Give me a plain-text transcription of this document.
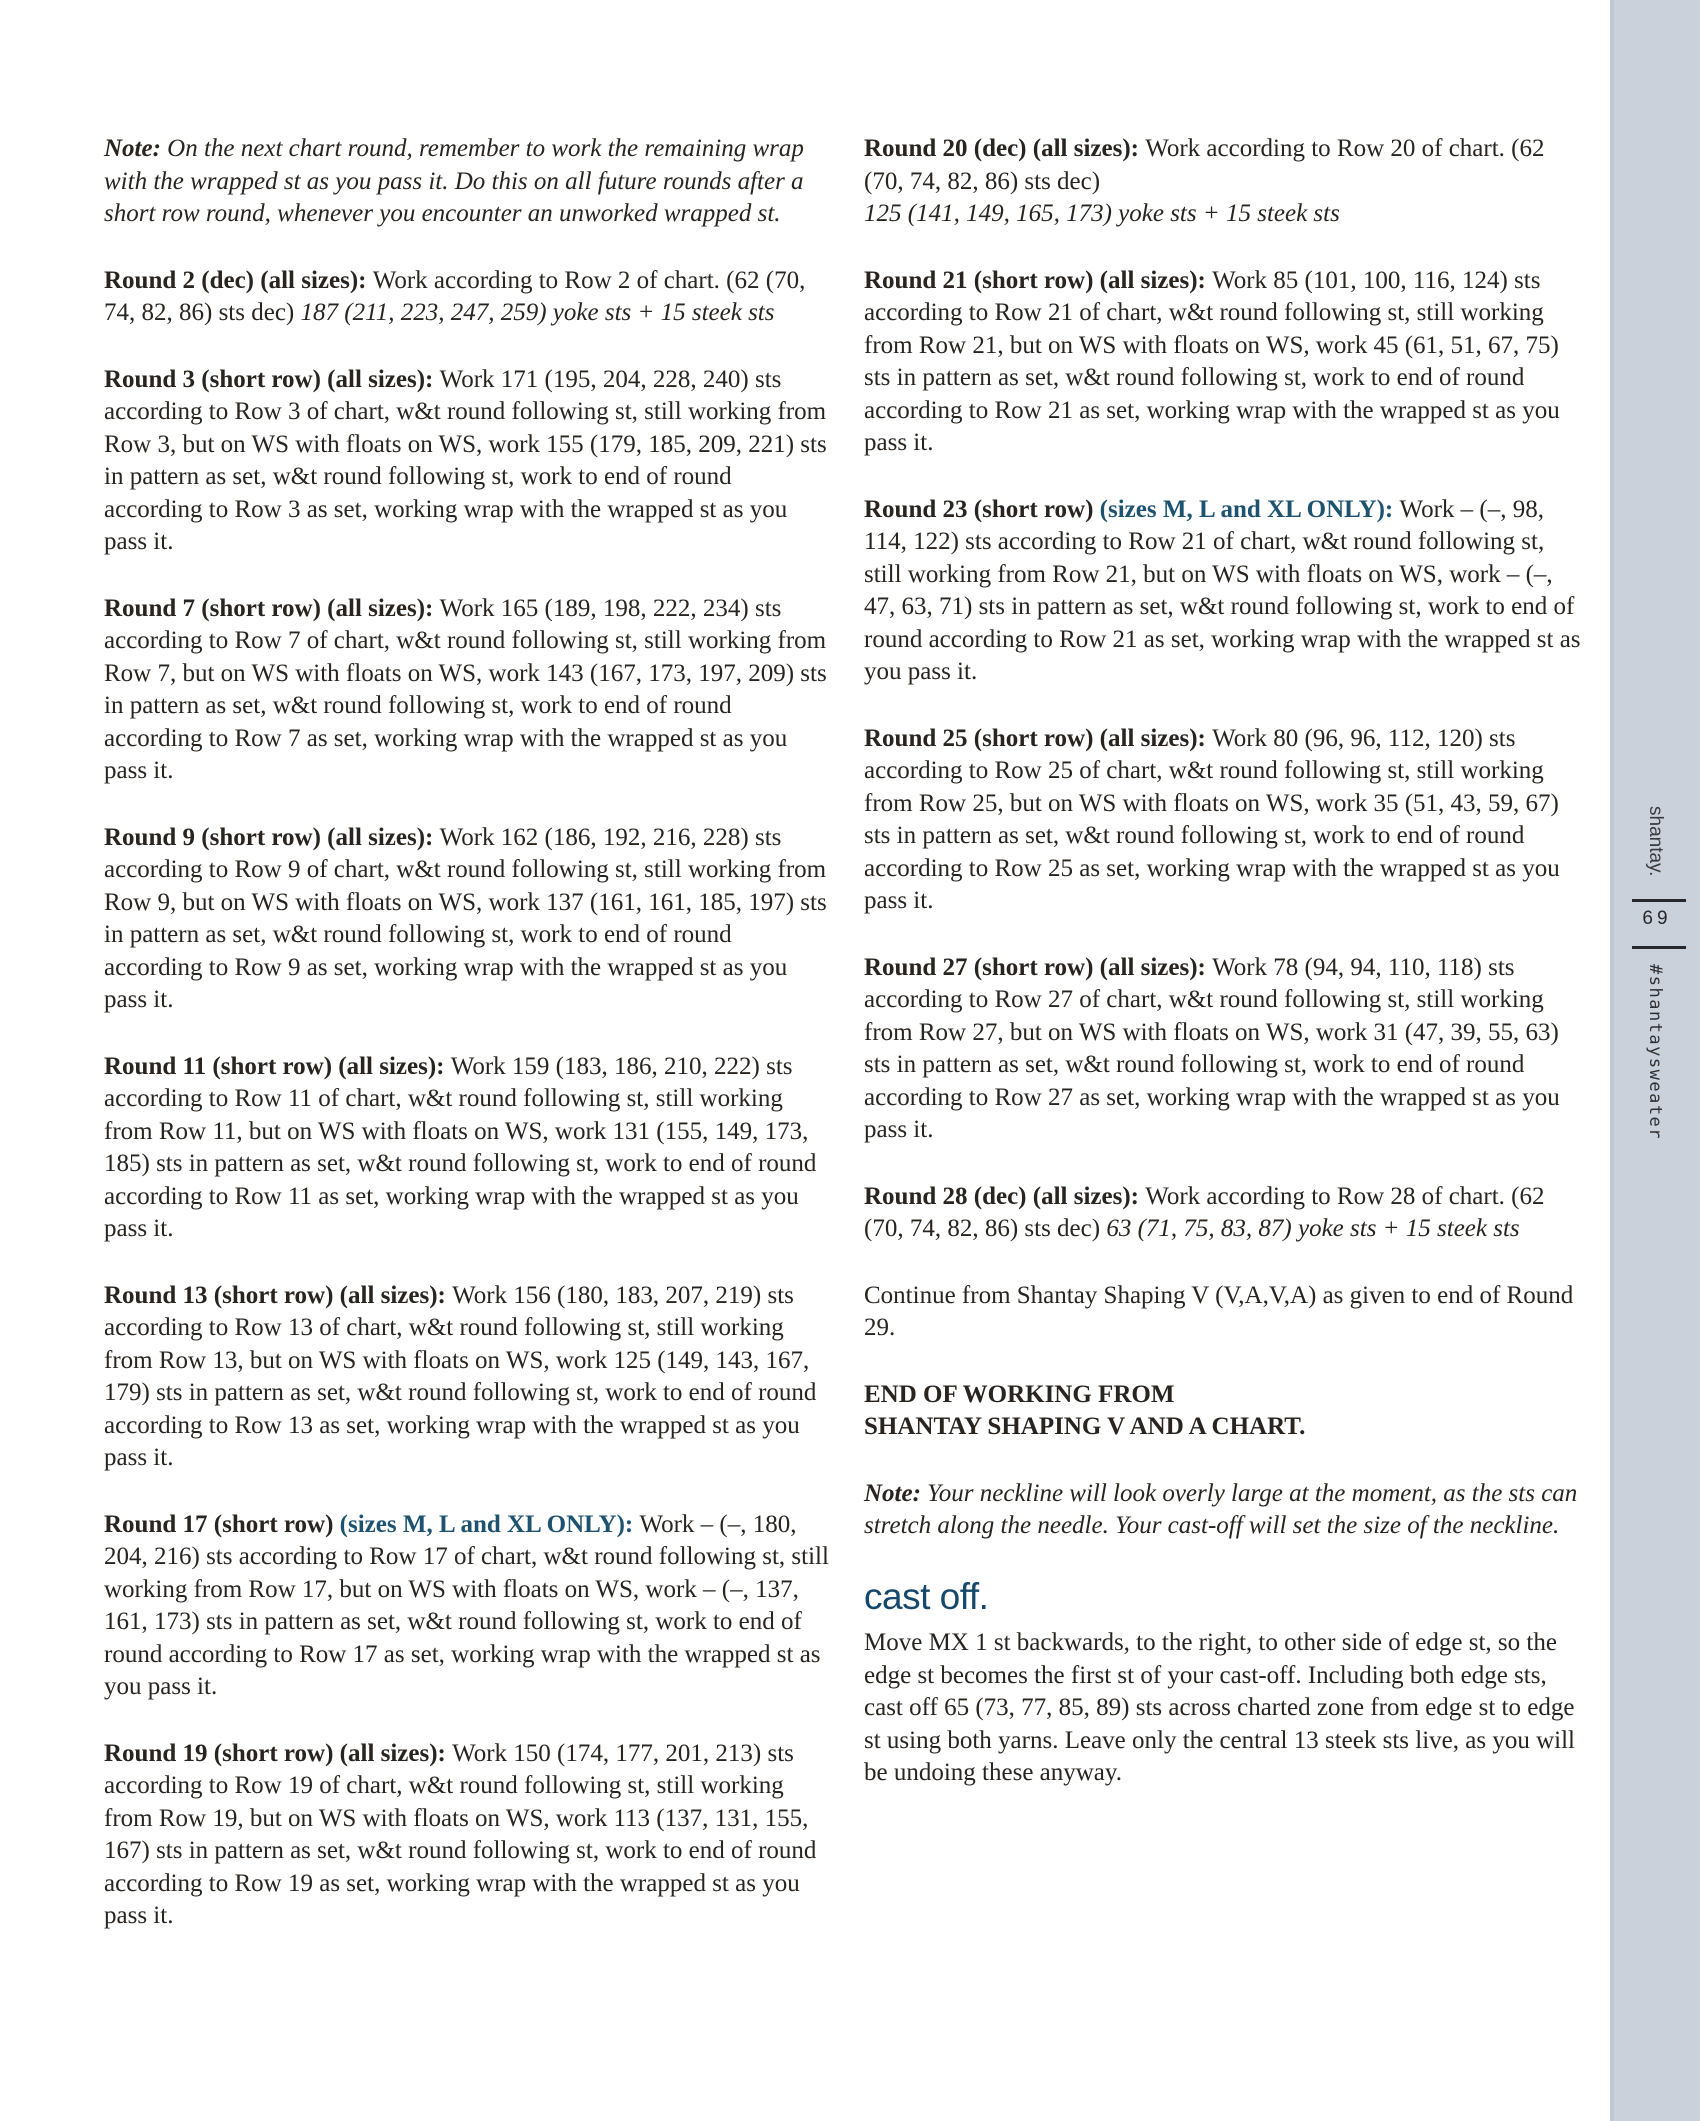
Note: On the next chart round, remember to work the remaining wrap with the wrapped st as you pass it. Do this on all future rounds after a short row round, whenever you encounter an unworked wrapped st.

Round 2 (dec) (all sizes): Work according to Row 2 of chart. (62 (70, 74, 82, 86) sts dec) 187 (211, 223, 247, 259) yoke sts + 15 steek sts

Round 3 (short row) (all sizes): Work 171 (195, 204, 228, 240) sts according to Row 3 of chart, w&t round following st, still working from Row 3, but on WS with floats on WS, work 155 (179, 185, 209, 221) sts in pattern as set, w&t round following st, work to end of round according to Row 3 as set, working wrap with the wrapped st as you pass it.

Round 7 (short row) (all sizes): Work 165 (189, 198, 222, 234) sts according to Row 7 of chart, w&t round following st, still working from Row 7, but on WS with floats on WS, work 143 (167, 173, 197, 209) sts in pattern as set, w&t round following st, work to end of round according to Row 7 as set, working wrap with the wrapped st as you pass it.

Round 9 (short row) (all sizes): Work 162 (186, 192, 216, 228) sts according to Row 9 of chart, w&t round following st, still working from Row 9, but on WS with floats on WS, work 137 (161, 161, 185, 197) sts in pattern as set, w&t round following st, work to end of round according to Row 9 as set, working wrap with the wrapped st as you pass it.

Round 11 (short row) (all sizes): Work 159 (183, 186, 210, 222) sts according to Row 11 of chart, w&t round following st, still working from Row 11, but on WS with floats on WS, work 131 (155, 149, 173, 185) sts in pattern as set, w&t round following st, work to end of round according to Row 11 as set, working wrap with the wrapped st as you pass it.

Round 13 (short row) (all sizes): Work 156 (180, 183, 207, 219) sts according to Row 13 of chart, w&t round following st, still working from Row 13, but on WS with floats on WS, work 125 (149, 143, 167, 179) sts in pattern as set, w&t round following st, work to end of round according to Row 13 as set, working wrap with the wrapped st as you pass it.

Round 17 (short row) (sizes M, L and XL ONLY): Work – (–, 180, 204, 216) sts according to Row 17 of chart, w&t round following st, still working from Row 17, but on WS with floats on WS, work – (–, 137, 161, 173) sts in pattern as set, w&t round following st, work to end of round according to Row 17 as set, working wrap with the wrapped st as you pass it.

Round 19 (short row) (all sizes): Work 150 (174, 177, 201, 213) sts according to Row 19 of chart, w&t round following st, still working from Row 19, but on WS with floats on WS, work 113 (137, 131, 155, 167) sts in pattern as set, w&t round following st, work to end of round according to Row 19 as set, working wrap with the wrapped st as you pass it.

Round 20 (dec) (all sizes): Work according to Row 20 of chart. (62 (70, 74, 82, 86) sts dec)
125 (141, 149, 165, 173) yoke sts + 15 steek sts

Round 21 (short row) (all sizes): Work 85 (101, 100, 116, 124) sts according to Row 21 of chart, w&t round following st, still working from Row 21, but on WS with floats on WS, work 45 (61, 51, 67, 75) sts in pattern as set, w&t round following st, work to end of round according to Row 21 as set, working wrap with the wrapped st as you pass it.

Round 23 (short row) (sizes M, L and XL ONLY): Work – (–, 98, 114, 122) sts according to Row 21 of chart, w&t round following st, still working from Row 21, but on WS with floats on WS, work – (–, 47, 63, 71) sts in pattern as set, w&t round following st, work to end of round according to Row 21 as set, working wrap with the wrapped st as you pass it.

Round 25 (short row) (all sizes): Work 80 (96, 96, 112, 120) sts according to Row 25 of chart, w&t round following st, still working from Row 25, but on WS with floats on WS, work 35 (51, 43, 59, 67) sts in pattern as set, w&t round following st, work to end of round according to Row 25 as set, working wrap with the wrapped st as you pass it.

Round 27 (short row) (all sizes): Work 78 (94, 94, 110, 118) sts according to Row 27 of chart, w&t round following st, still working from Row 27, but on WS with floats on WS, work 31 (47, 39, 55, 63) sts in pattern as set, w&t round following st, work to end of round according to Row 27 as set, working wrap with the wrapped st as you pass it.

Round 28 (dec) (all sizes): Work according to Row 28 of chart. (62 (70, 74, 82, 86) sts dec) 63 (71, 75, 83, 87) yoke sts + 15 steek sts

Continue from Shantay Shaping V (V,A,V,A) as given to end of Round 29.

END OF WORKING FROM
SHANTAY SHAPING V AND A CHART.

Note: Your neckline will look overly large at the moment, as the sts can stretch along the needle. Your cast-off will set the size of the neckline.

cast off.

Move MX 1 st backwards, to the right, to other side of edge st, so the edge st becomes the first st of your cast-off. Including both edge sts, cast off 65 (73, 77, 85, 89) sts across charted zone from edge st to edge st using both yarns. Leave only the central 13 steek sts live, as you will be undoing these anyway.

shantay.
69
#shantaysweater
